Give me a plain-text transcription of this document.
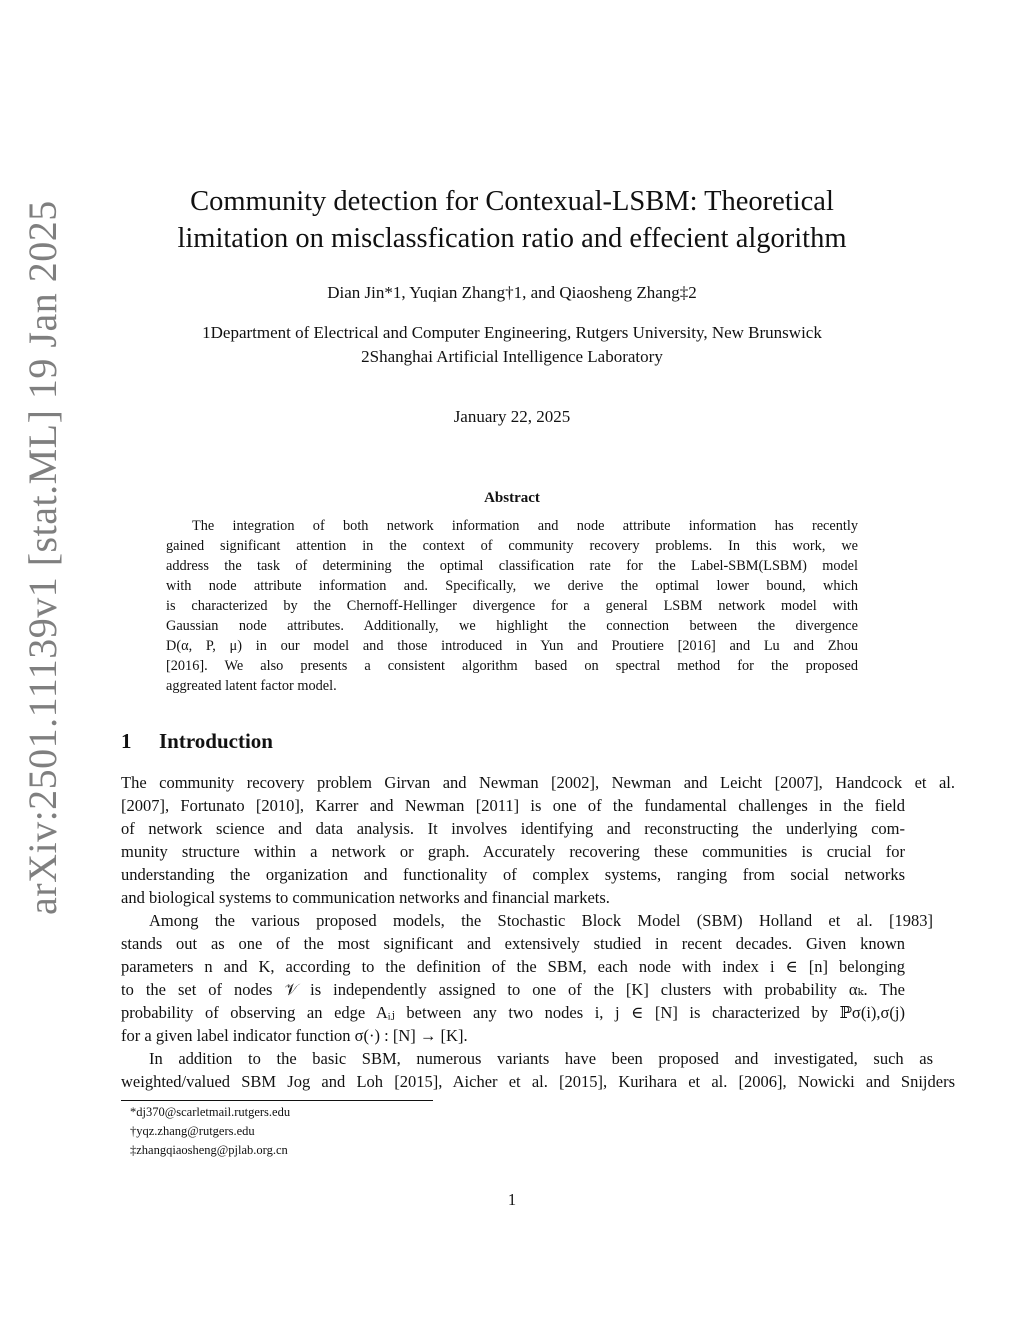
arXiv:2501.11139v1 [stat.ML] 19 Jan 2025	Community detection for Contexual-LSBM: Theoretical
limitation on misclassfication ratio and effecient algorithm
Dian Jin*1, Yuqian Zhang†1, and Qiaosheng Zhang‡2
1Department of Electrical and Computer Engineering, Rutgers University, New Brunswick
2Shanghai Artificial Intelligence Laboratory
January 22, 2025
Abstract
The integration of both network information and node attribute information has recently
gained significant attention in the context of community recovery problems. In this work, we
address the task of determining the optimal classification rate for the Label-SBM(LSBM) model
with node attribute information and. Specifically, we derive the optimal lower bound, which
is characterized by the Chernoff-Hellinger divergence for a general LSBM network model with
Gaussian node attributes. Additionally, we highlight the connection between the divergence
D(α, P, μ) in our model and those introduced in Yun and Proutiere [2016] and Lu and Zhou
[2016]. We also presents a consistent algorithm based on spectral method for the proposed
aggreated latent factor model.
1 Introduction
The community recovery problem Girvan and Newman [2002], Newman and Leicht [2007], Handcock et al.
[2007], Fortunato [2010], Karrer and Newman [2011] is one of the fundamental challenges in the field
of network science and data analysis. It involves identifying and reconstructing the underlying com-
munity structure within a network or graph. Accurately recovering these communities is crucial for
understanding the organization and functionality of complex systems, ranging from social networks
and biological systems to communication networks and financial markets.
Among the various proposed models, the Stochastic Block Model (SBM) Holland et al. [1983]
stands out as one of the most significant and extensively studied in recent decades. Given known
parameters n and K, according to the definition of the SBM, each node with index i ∈ [n] belonging
to the set of nodes 𝒱 is independently assigned to one of the [K] clusters with probability αₖ. The
probability of observing an edge Aᵢⱼ between any two nodes i, j ∈ [N] is characterized by ℙσ(i),σ(j)
for a given label indicator function σ(·) : [N] → [K].
In addition to the basic SBM, numerous variants have been proposed and investigated, such as
weighted/valued SBM Jog and Loh [2015], Aicher et al. [2015], Kurihara et al. [2006], Nowicki and Snijders
*dj370@scarletmail.rutgers.edu
†yqz.zhang@rutgers.edu
‡zhangqiaosheng@pjlab.org.cn
1
